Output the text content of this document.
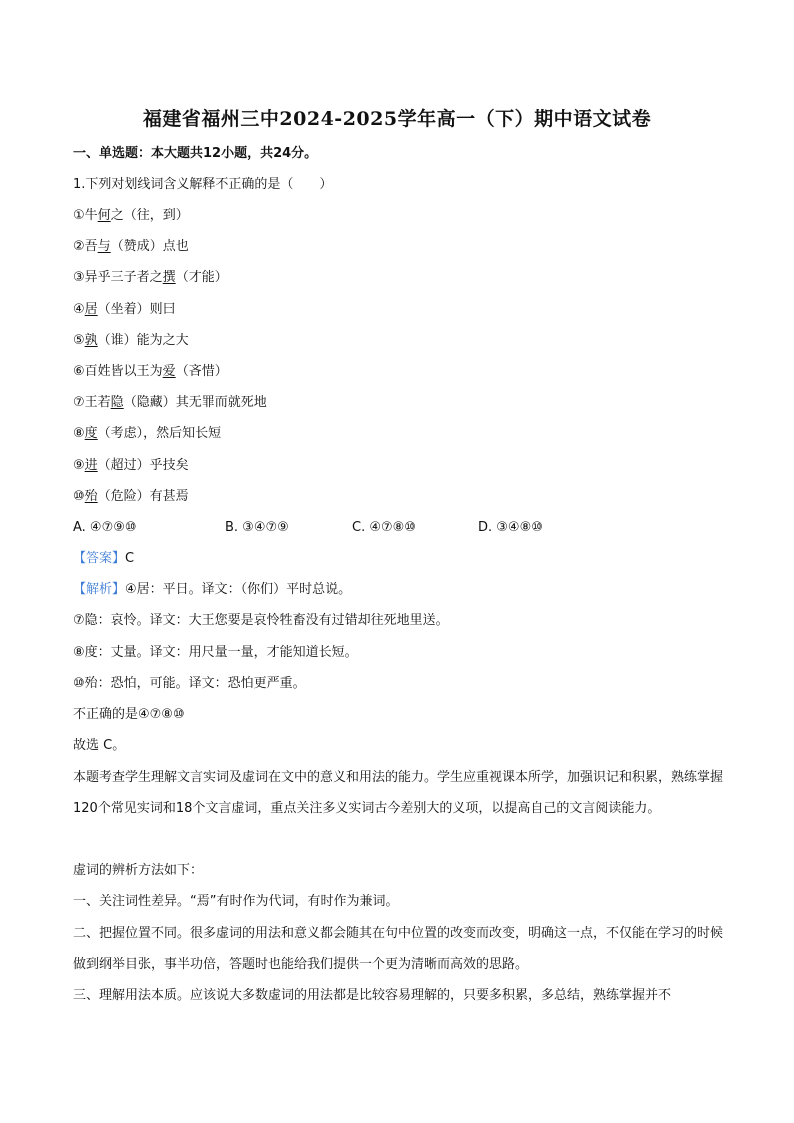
福建省福州三中2024-2025学年高一（下）期中语文试卷
一、单选题：本大题共12小题，共24分。
1.下列对划线词含义解释不正确的是（　　）
①牛何之（往，到）
②吾与（赞成）点也
③异乎三子者之撰（才能）
④居（坐着）则曰
⑤孰（谁）能为之大
⑥百姓皆以王为爱（吝惜）
⑦王若隐（隐藏）其无罪而就死地
⑧度（考虑），然后知长短
⑨进（超过）乎技矣
⑩殆（危险）有甚焉
A. ④⑦⑨⑩	B. ③④⑦⑨	C. ④⑦⑧⑩	D. ③④⑧⑩
【答案】C
【解析】④居：平日。译文：（你们）平时总说。
⑦隐：哀怜。译文：大王您要是哀怜牲畜没有过错却往死地里送。
⑧度：丈量。译文：用尺量一量，才能知道长短。
⑩殆：恐怕，可能。译文：恐怕更严重。
不正确的是④⑦⑧⑩
故选 C。
本题考查学生理解文言实词及虚词在文中的意义和用法的能力。学生应重视课本所学，加强识记和积累，熟练掌握120个常见实词和18个文言虚词，重点关注多义实词古今差别大的义项，以提高自己的文言阅读能力。
虚词的辨析方法如下：
一、关注词性差异。“焉”有时作为代词，有时作为兼词。
二、把握位置不同。很多虚词的用法和意义都会随其在句中位置的改变而改变，明确这一点，不仅能在学习的时候做到纲举目张，事半功倍，答题时也能给我们提供一个更为清晰而高效的思路。
三、理解用法本质。应该说大多数虚词的用法都是比较容易理解的，只要多积累，多总结，熟练掌握并不
